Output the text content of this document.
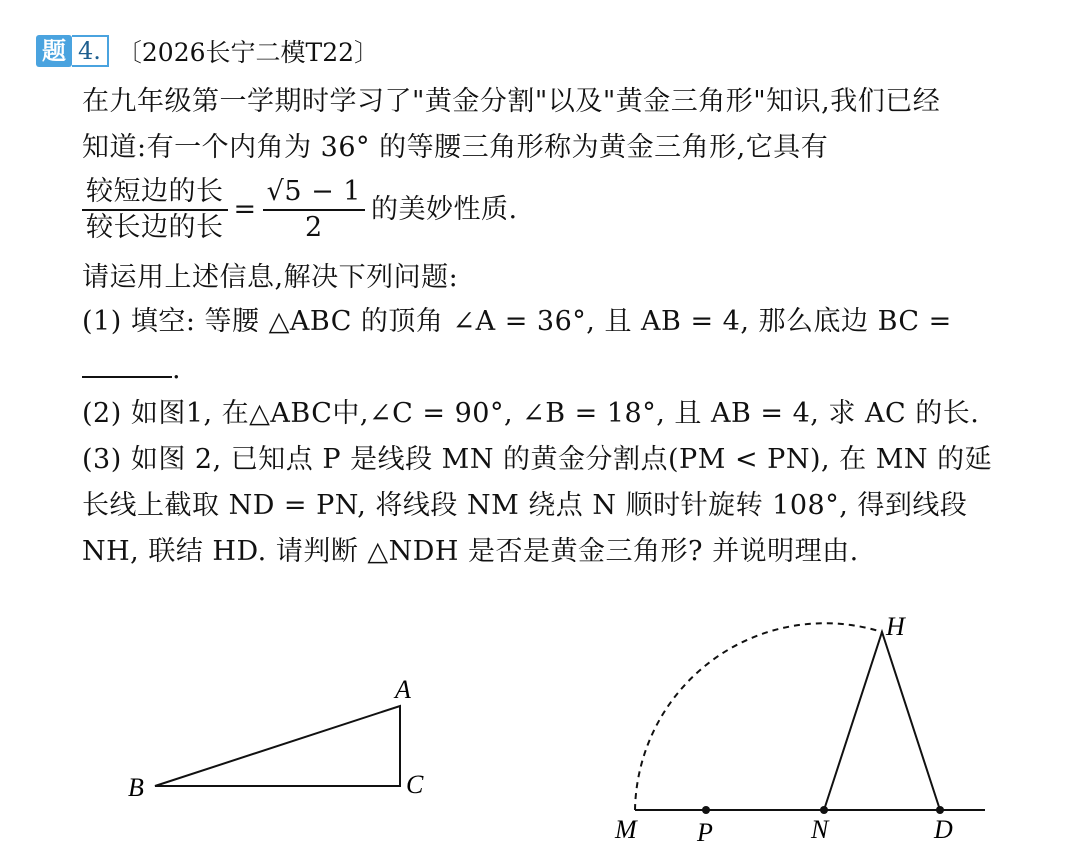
题 4. 〔2026长宁二模T22〕
在九年级第一学期时学习了"黄金分割"以及"黄金三角形"知识,我们已经
知道:有一个内角为 36° 的等腰三角形称为黄金三角形,它具有
$\frac{\text{较短边的长}}{\text{较长边的长}} = \frac{√5 - 1}{2}$ 的美妙性质.
请运用上述信息,解决下列问题:
(1) 填空: 等腰 △ABC 的顶角 ∠A = 36°, 且 AB = 4, 那么底边 BC =
.
(2) 如图1, 在△ABC中,∠C = 90°, ∠B = 18°, 且 AB = 4, 求 AC 的长.
(3) 如图 2, 已知点 P 是线段 MN 的黄金分割点(PM < PN), 在 MN 的延
长线上截取 ND = PN, 将线段 NM 绕点 N 顺时针旋转 108°, 得到线段
NH, 联结 HD. 请判断 △NDH 是否是黄金三角形? 并说明理由.
A
B	C
H
M P	N	D
